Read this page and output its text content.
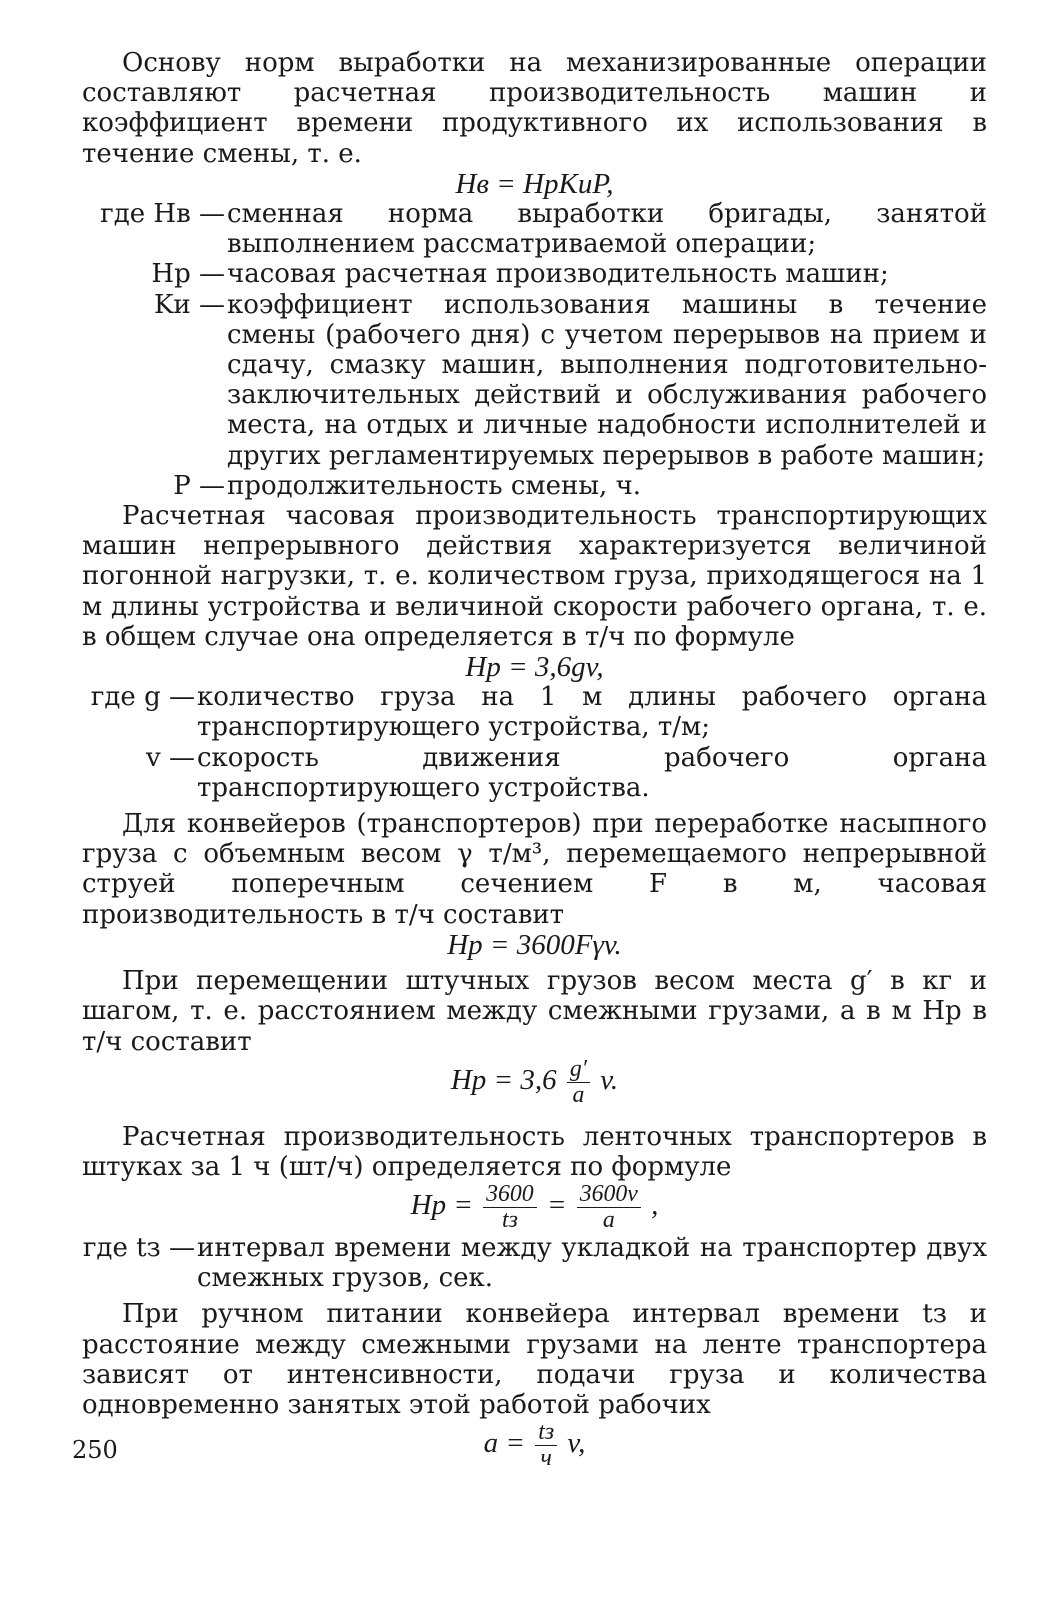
Основу норм выработки на механизированные операции составляют расчетная производительность машин и коэффициент времени продуктивного их использования в течение смены, т. е.

Hв = HрKиP,

где Hв — сменная норма выработки бригады, занятой выполнением рассматриваемой операции;
Hр — часовая расчетная производительность машин;
Kи — коэффициент использования машины в течение смены (рабочего дня) с учетом перерывов на прием и сдачу, смазку машин, выполнения подготовительно-заключительных действий и обслуживания рабочего места, на отдых и личные надобности исполнителей и других регламентируемых перерывов в работе машин;
P — продолжительность смены, ч.

Расчетная часовая производительность транспортирующих машин непрерывного действия характеризуется величиной погонной нагрузки, т. е. количеством груза, приходящегося на 1 м длины устройства и величиной скорости рабочего органа, т. е. в общем случае она определяется в т/ч по формуле

Hр = 3,6gv,

где g — количество груза на 1 м длины рабочего органа транспортирующего устройства, т/м;
v — скорость движения рабочего органа транспортирующего устройства.

Для конвейеров (транспортеров) при переработке насыпного груза с объемным весом γ т/м³, перемещаемого непрерывной струей поперечным сечением F в м, часовая производительность в т/ч составит

Hр = 3600Fγv.

При перемещении штучных грузов весом места g′ в кг и шагом, т. е. расстоянием между смежными грузами, a в м Hр в т/ч составит

Hр = $3,6 \frac{g'}{a} v$.

Расчетная производительность ленточных транспортеров в штуках за 1 ч (шт/ч) определяется по формуле

Hр = $\frac{3600}{tз} = \frac{3600v}{a}$ ,

где tз — интервал времени между укладкой на транспортер двух смежных грузов, сек.

При ручном питании конвейера интервал времени tз и расстояние между смежными грузами на ленте транспортера зависят от интенсивности, подачи груза и количества одновременно занятых этой работой рабочих

$a = \frac{tз}{ч} v$,

250
